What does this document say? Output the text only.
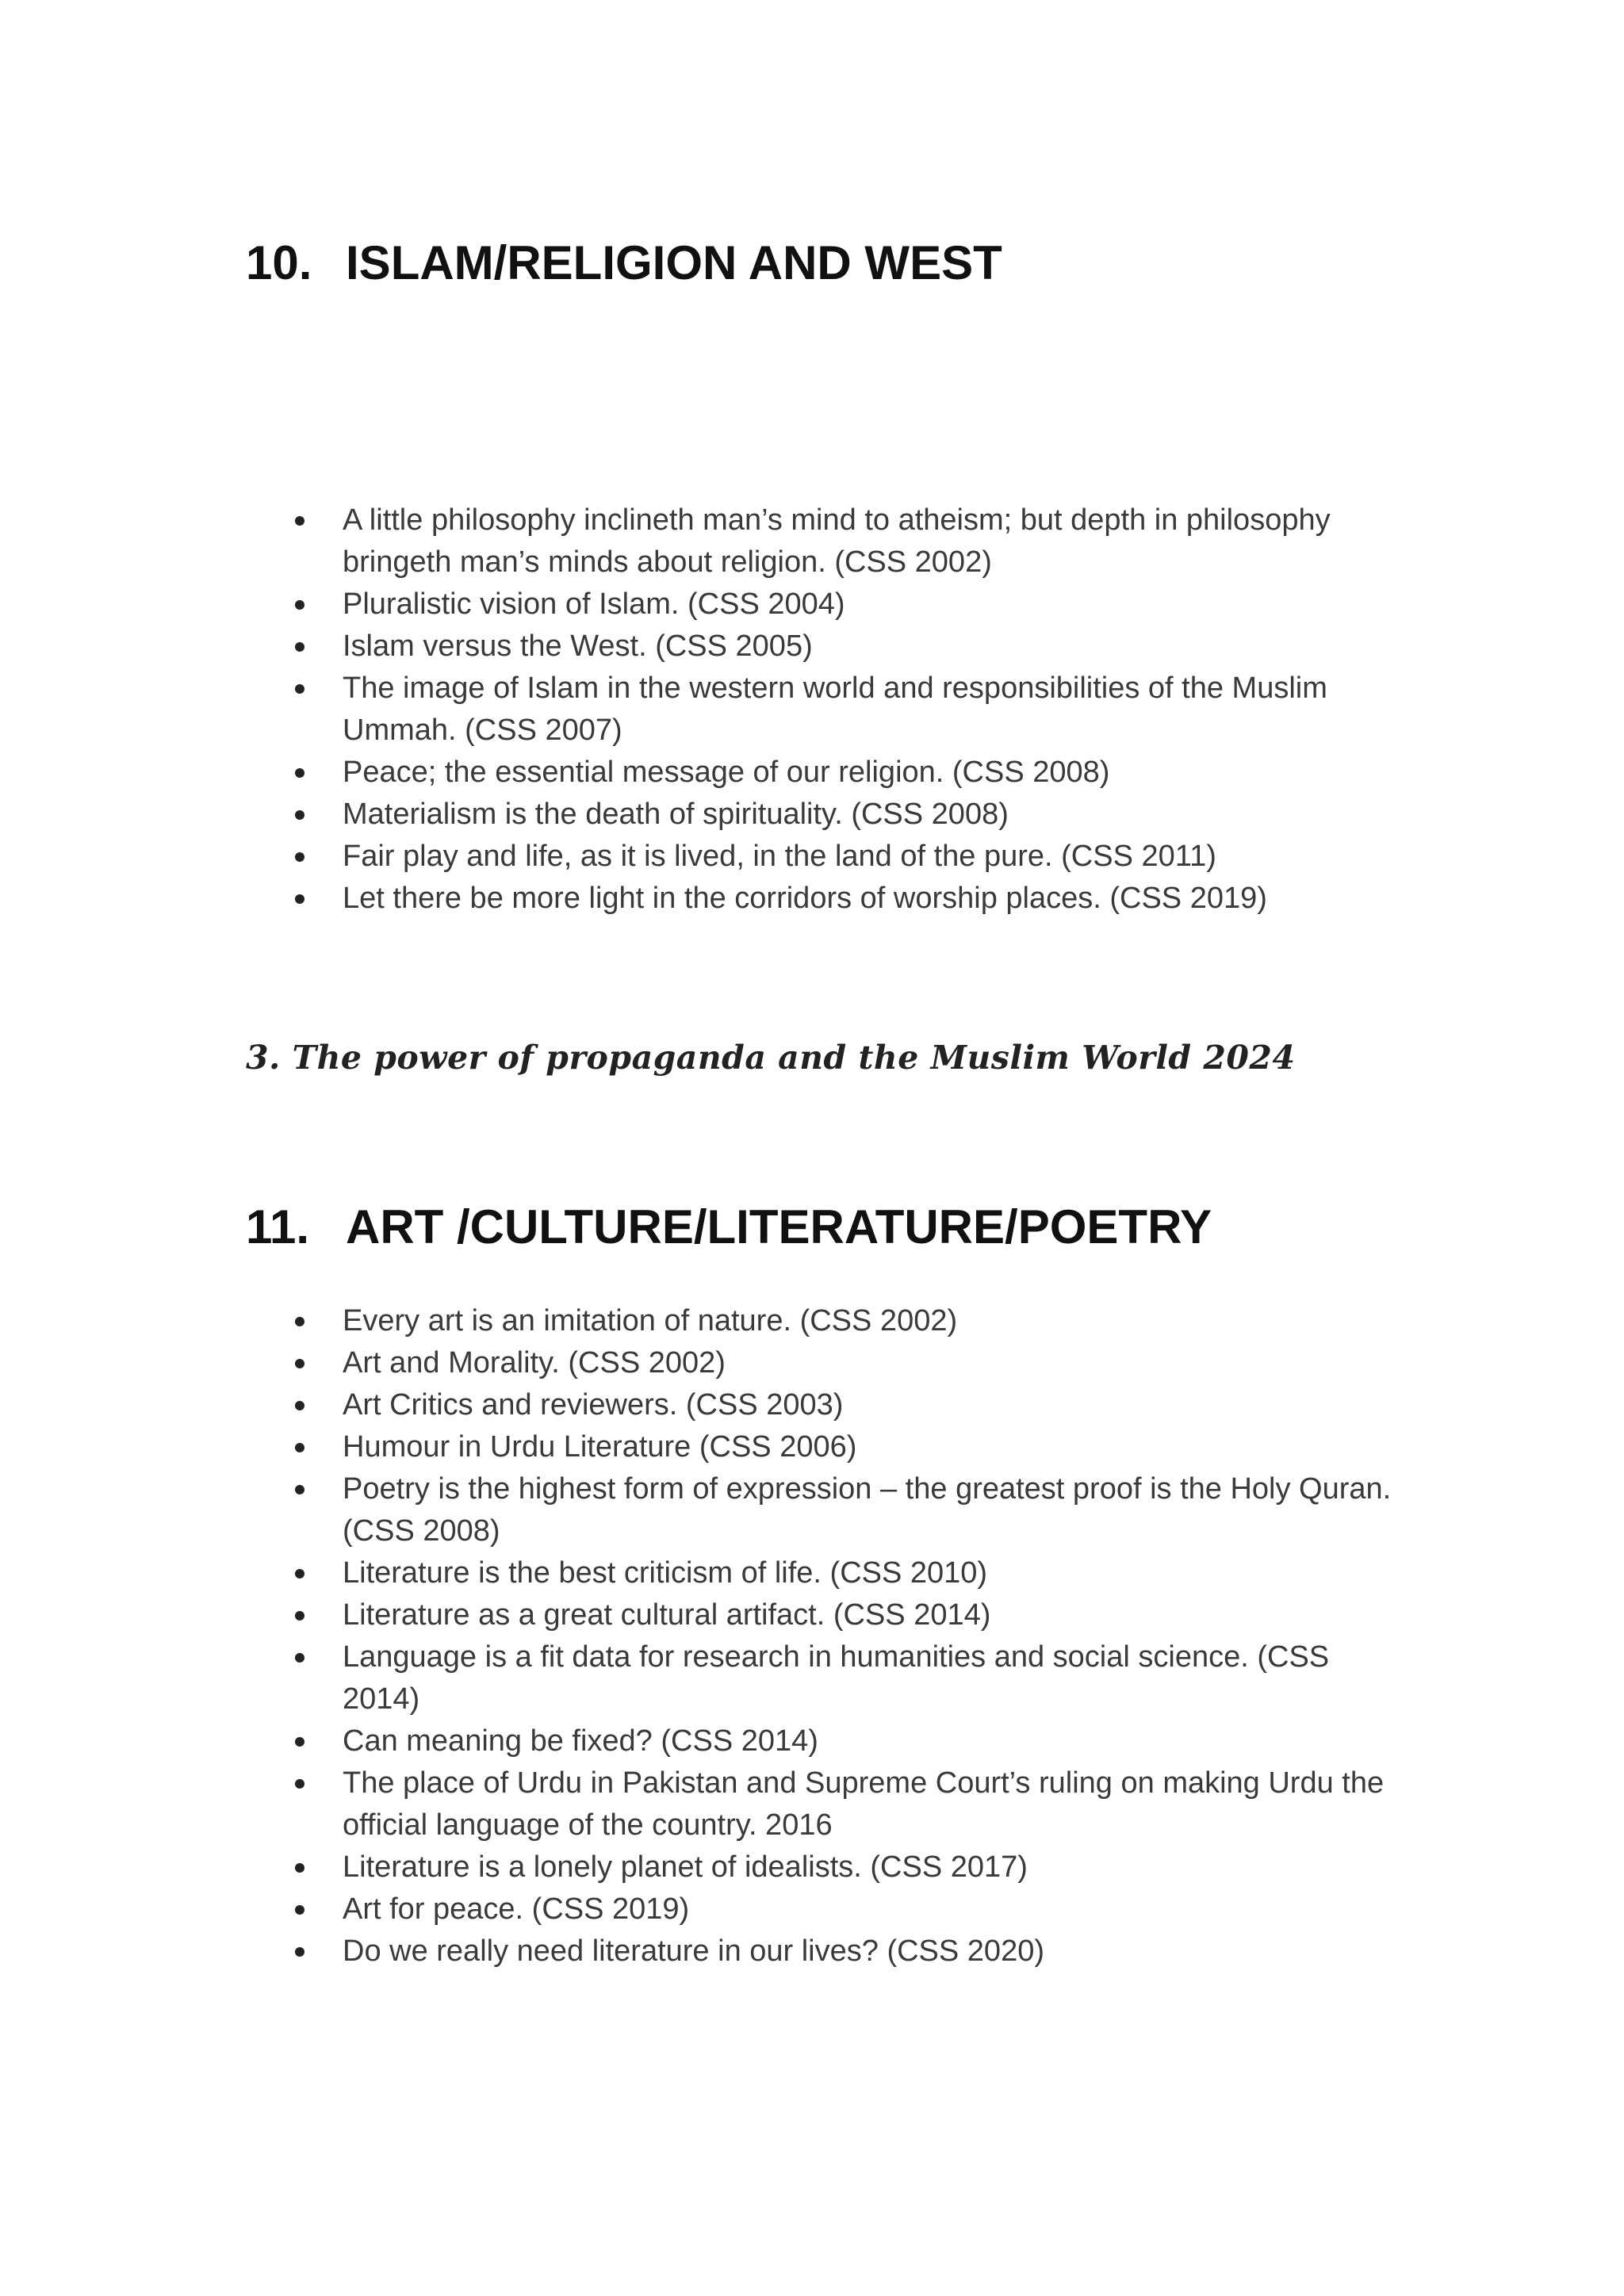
10. ISLAM/RELIGION AND WEST
A little philosophy inclineth man’s mind to atheism; but depth in philosophy bringeth man’s minds about religion. (CSS 2002)
Pluralistic vision of Islam. (CSS 2004)
Islam versus the West. (CSS 2005)
The image of Islam in the western world and responsibilities of the Muslim Ummah. (CSS 2007)
Peace; the essential message of our religion. (CSS 2008)
Materialism is the death of spirituality. (CSS 2008)
Fair play and life, as it is lived, in the land of the pure. (CSS 2011)
Let there be more light in the corridors of worship places. (CSS 2019)

3. The power of propaganda and the Muslim World 2024

11. ART /CULTURE/LITERATURE/POETRY
Every art is an imitation of nature. (CSS 2002)
Art and Morality. (CSS 2002)
Art Critics and reviewers. (CSS 2003)
Humour in Urdu Literature (CSS 2006)
Poetry is the highest form of expression – the greatest proof is the Holy Quran. (CSS 2008)
Literature is the best criticism of life. (CSS 2010)
Literature as a great cultural artifact. (CSS 2014)
Language is a fit data for research in humanities and social science. (CSS 2014)
Can meaning be fixed? (CSS 2014)
The place of Urdu in Pakistan and Supreme Court’s ruling on making Urdu the official language of the country. 2016
Literature is a lonely planet of idealists. (CSS 2017)
Art for peace. (CSS 2019)
Do we really need literature in our lives? (CSS 2020)
